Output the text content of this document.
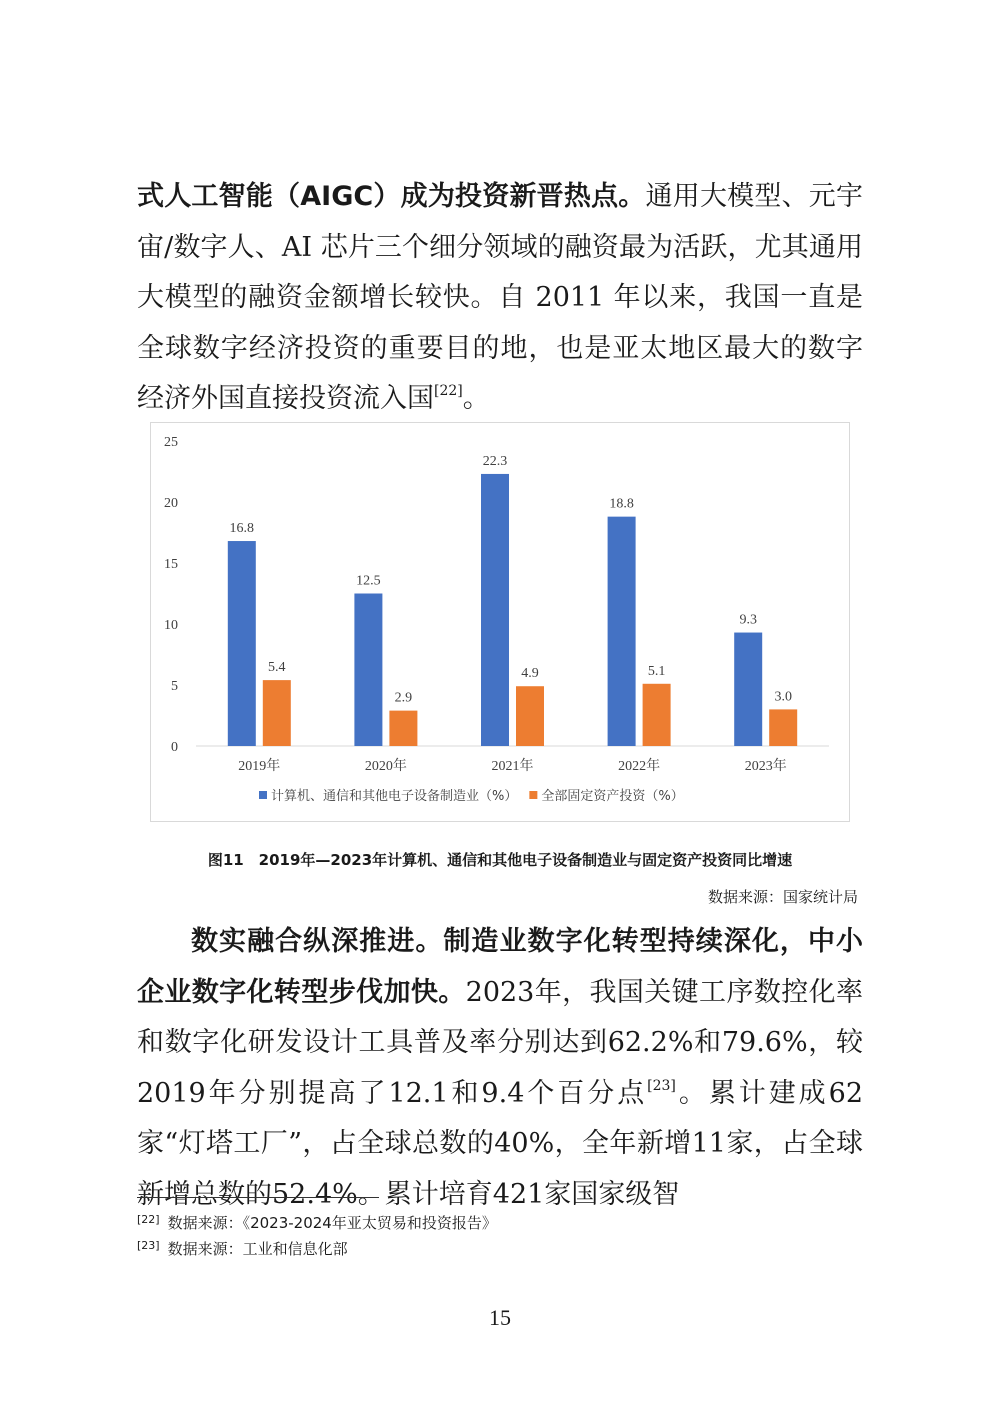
式人工智能（AIGC）成为投资新晋热点。通用大模型、元宇宙/数字人、AI 芯片三个细分领域的融资最为活跃，尤其通用大模型的融资金额增长较快。自 2011 年以来，我国一直是全球数字经济投资的重要目的地，也是亚太地区最大的数字经济外国直接投资流入国[22]。
0
5
10
15
20
25
2019年
16.8
5.4
2020年
12.5
2.9
2021年
22.3
4.9
2022年
18.8
5.1
2023年
9.3
3.0
计算机、通信和其他电子设备制造业（%） 全部固定资产投资（%）
图11　2019年—2023年计算机、通信和其他电子设备制造业与固定资产投资同比增速
数据来源：国家统计局
数实融合纵深推进。制造业数字化转型持续深化，中小企业数字化转型步伐加快。2023年，我国关键工序数控化率和数字化研发设计工具普及率分别达到62.2%和79.6%，较2019年分别提高了12.1和9.4个百分点[23]。累计建成62家“灯塔工厂”，占全球总数的40%，全年新增11家，占全球新增总数的52.4%。累计培育421家国家级智
[22] 数据来源：《2023-2024年亚太贸易和投资报告》
[23] 数据来源：工业和信息化部
15
